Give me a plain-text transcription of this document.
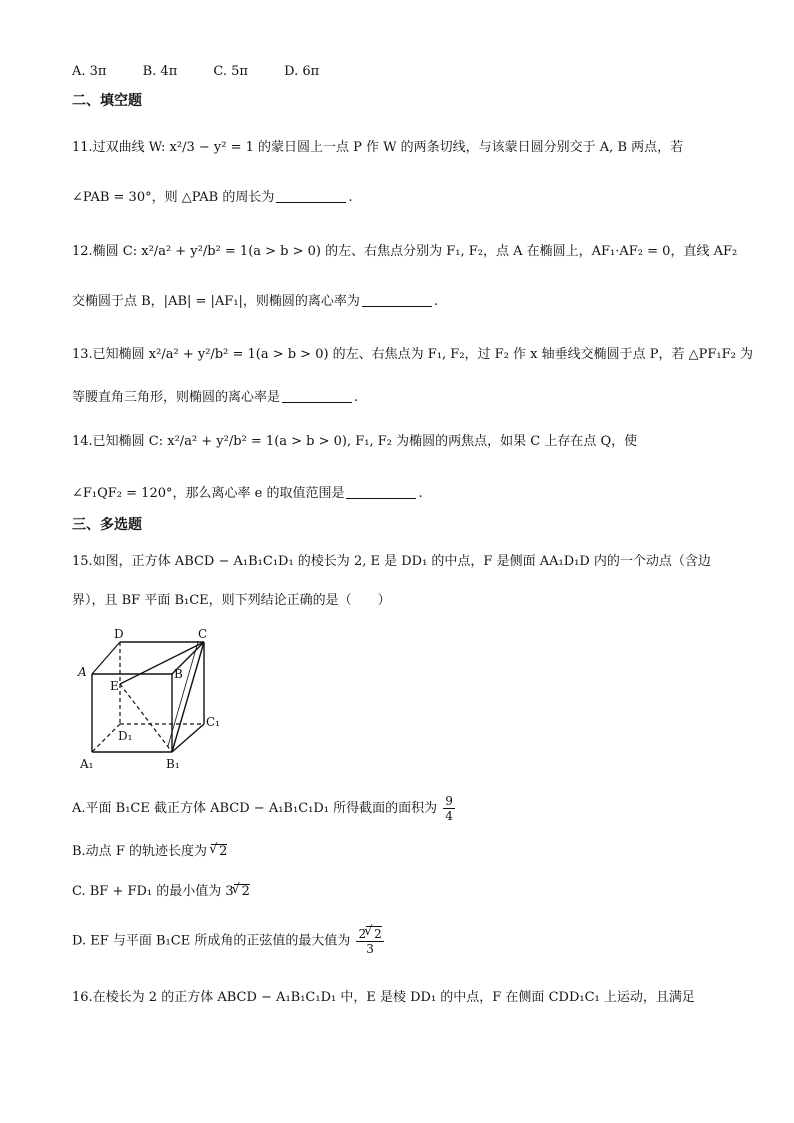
A. 3π	B. 4π	C. 5π	D. 6π
二、填空题
11.过双曲线 W: x²/3 − y² = 1 的蒙日圆上一点 P 作 W 的两条切线，与该蒙日圆分别交于 A, B 两点，若
∠PAB = 30°，则 △PAB 的周长为	.
12.椭圆 C: x²/a² + y²/b² = 1(a > b > 0) 的左、右焦点分别为 F₁, F₂，点 A 在椭圆上，AF₁·AF₂ = 0，直线 AF₂
交椭圆于点 B，|AB| = |AF₁|，则椭圆的离心率为	.
13.已知椭圆 x²/a² + y²/b² = 1(a > b > 0) 的左、右焦点为 F₁, F₂，过 F₂ 作 x 轴垂线交椭圆于点 P，若 △PF₁F₂ 为
等腰直角三角形，则椭圆的离心率是	.
14.已知椭圆 C: x²/a² + y²/b² = 1(a > b > 0), F₁, F₂ 为椭圆的两焦点，如果 C 上存在点 Q，使
∠F₁QF₂ = 120°，那么离心率 e 的取值范围是	.
三、多选题
15.如图，正方体 ABCD − A₁B₁C₁D₁ 的棱长为 2, E 是 DD₁ 的中点，F 是侧面 AA₁D₁D 内的一个动点（含边
界），且 BF 平面 B₁CE，则下列结论正确的是（　　）
D	C
A
E
B
C₁
D₁
A₁	B₁
A.平面 B₁CE 截正方体 ABCD − A₁B₁C₁D₁ 所得截面的面积为 $\frac{9}{4}$
B.动点 F 的轨迹长度为 √ 2
C. BF + FD₁ 的最小值为 3 √ 2
D. EF 与平面 B₁CE 所成角的正弦值的最大值为 $\frac{2 √ 2}{3}$
16.在棱长为 2 的正方体 ABCD − A₁B₁C₁D₁ 中，E 是棱 DD₁ 的中点，F 在侧面 CDD₁C₁ 上运动，且满足
